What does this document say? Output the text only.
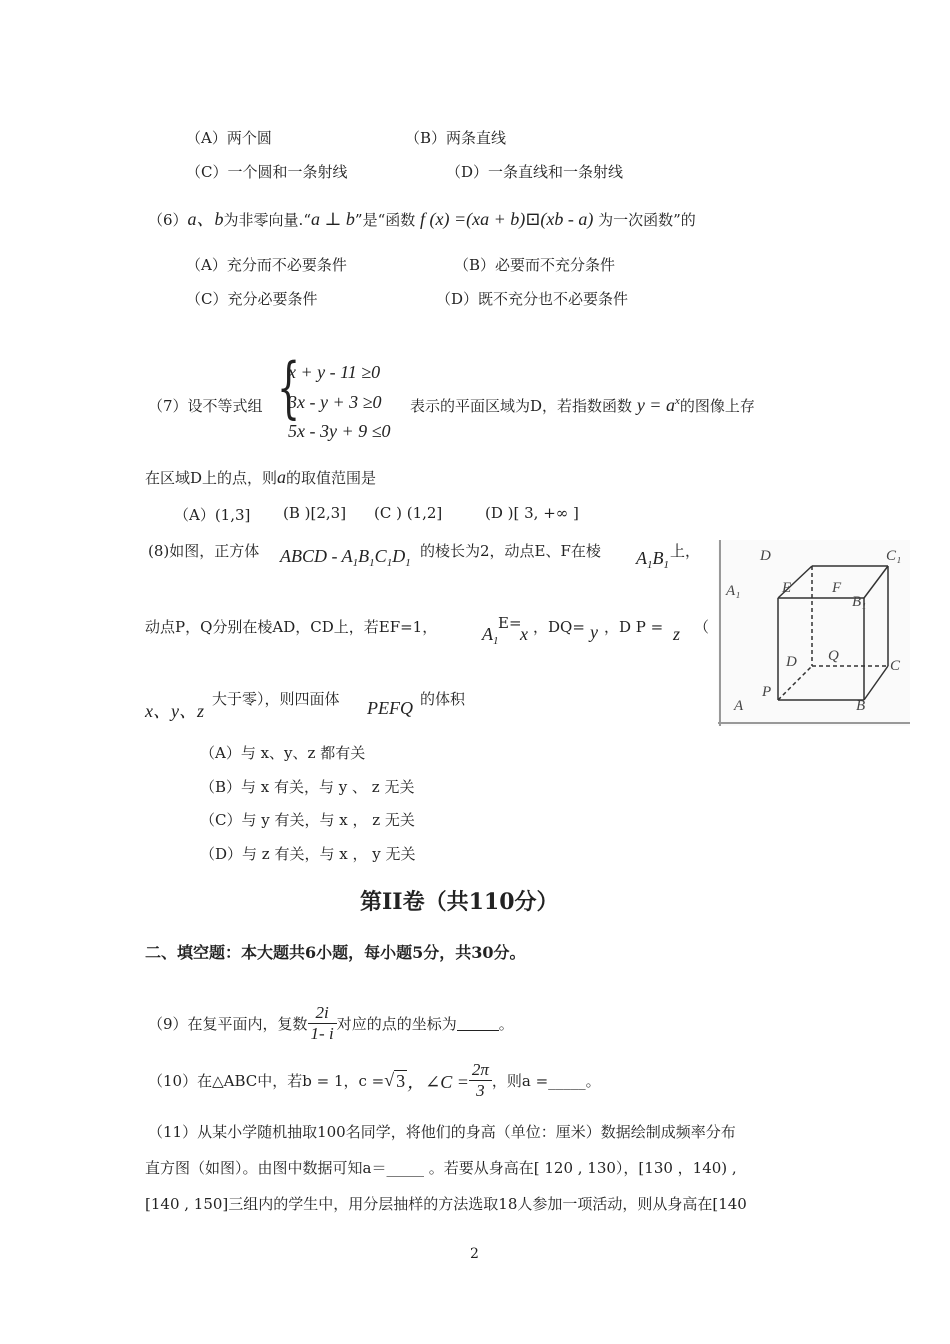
（A）两个圆	（B）两条直线
（C）一个圆和一条射线	（D）一条直线和一条射线
（6）a、b为非零向量.“a ⊥ b”是“函数 f (x) =(xa + b)⊡(xb - a) 为一次函数”的
（A）充分而不必要条件	（B）必要而不充分条件
（C）充分必要条件	（D）既不充分也不必要条件
（7）设不等式组 {
x + y - 11 ≥0
3x - y + 3 ≥0
5x - 3y + 9 ≤0
表示的平面区域为D，若指数函数 $y = a^x$的图像上存
在区域D上的点，则a的取值范围是
（A）(1,3] (B )[2,3] (C ) (1,2]	(D )[ 3, +∞ ]
(8)如图，正方体 ABCD - $A_1B_1C_1D_1$
的棱长为2，动点E、F在棱 $A_1B_1$
上，
动点P，Q分别在棱AD，CD上，若EF=1， $A_1$
E=
x ，DQ= y ，D P = z （
x、y、z
大于零），则四面体 PEFQ 的体积
（A）与 x、y、z 都有关
（B）与 x 有关，与 y 、 z 无关
（C）与 y 有关，与 x ， z 无关
（D）与 z 有关，与 x ， y 无关
D	C₁
A₁	E	F
B₁
D Q
C
A
P
B
第II卷（共110分）
二、填空题：本大题共6小题，每小题5分，共30分。
（9）在复平面内，复数 $\frac{2i}{1- i}$ 对应的点的坐标为	。
（10）在△ABC中，若b = 1，c = √ 3 ，∠C = $\frac{2\pi}{3}$ ，则a = _____ 。
（11）从某小学随机抽取100名同学，将他们的身高（单位：厘米）数据绘制成频率分布
直方图（如图）。由图中数据可知a＝_____ 。若要从身高在[ 120 , 130），[130 ，140) ,
[140 , 150]三组内的学生中，用分层抽样的方法选取18人参加一项活动，则从身高在[140
2
